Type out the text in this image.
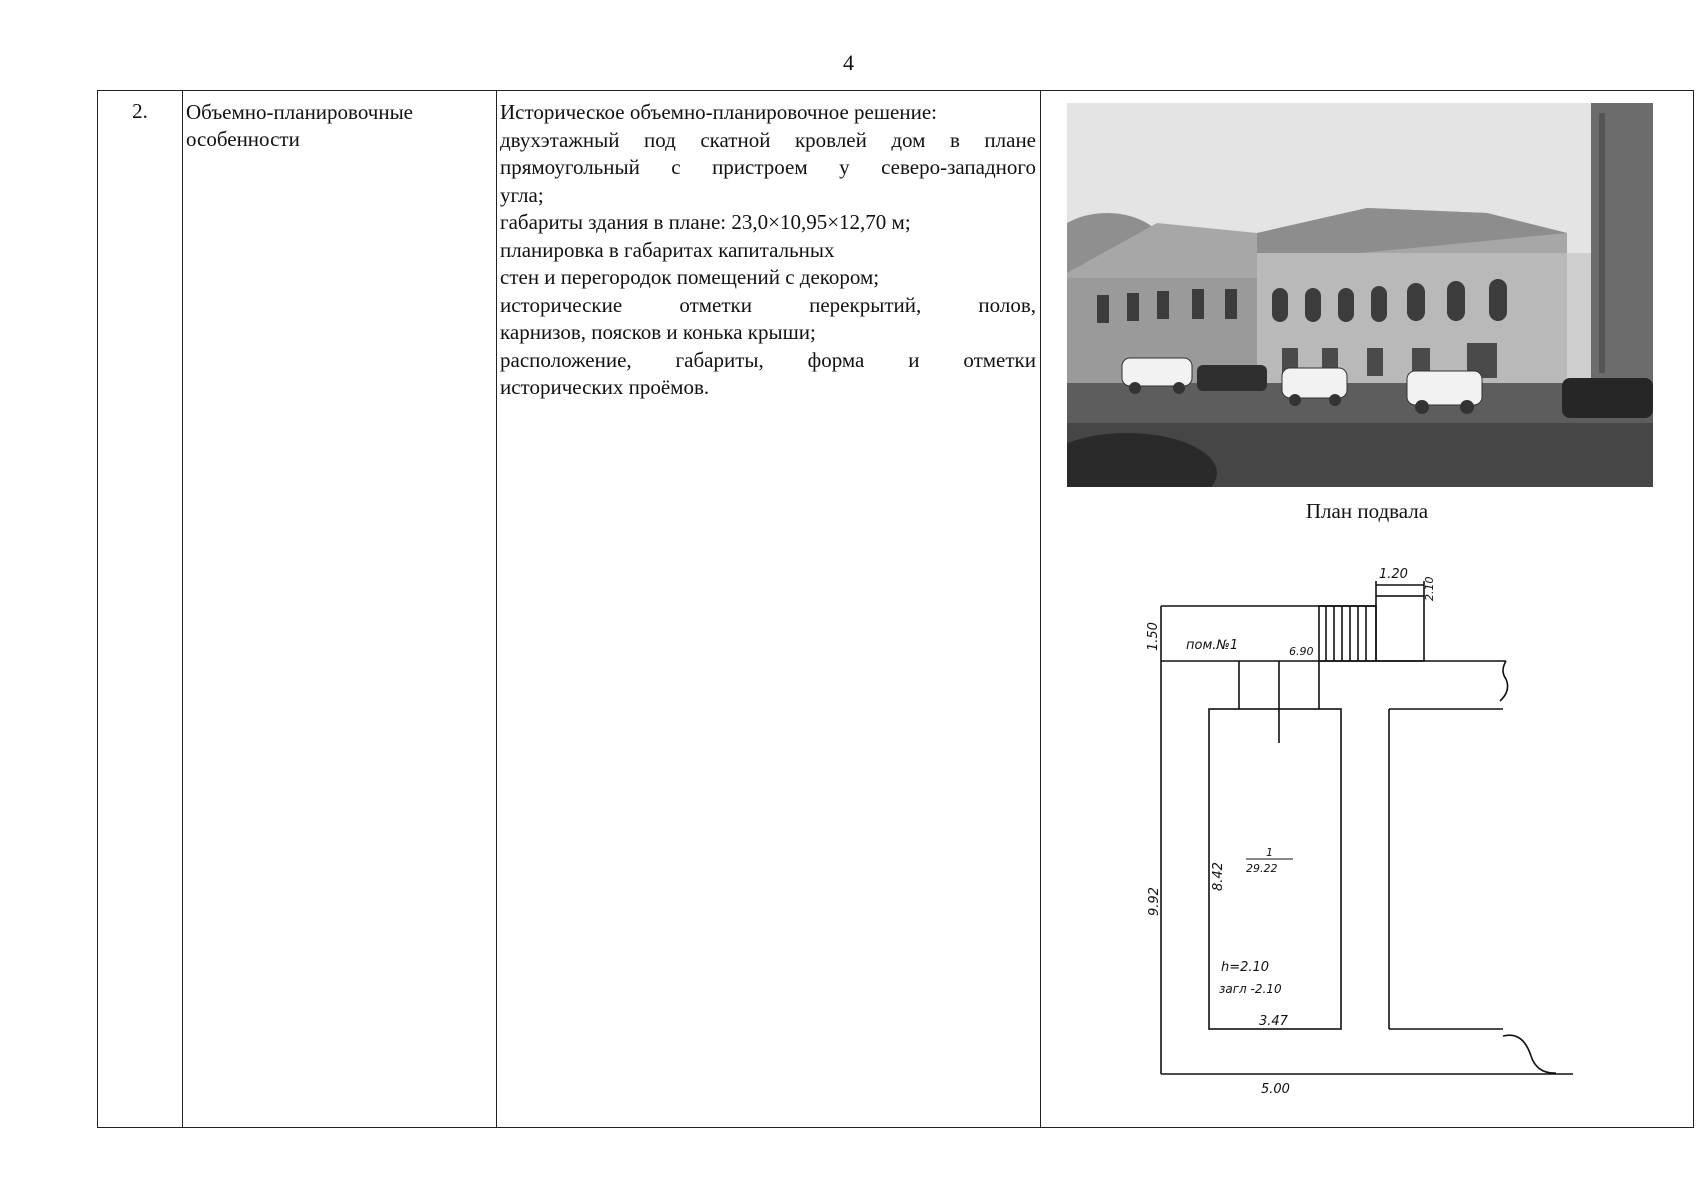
4
2.	Объемно-планировочные
особенности

Историческое объемно-планировочное решение:
двухэтажный под скатной кровлей дом в плане
прямоугольный с пристроем у северо-западного
угла;
габариты здания в плане: 23,0×10,95×12,70 м;
планировка в габаритах капитальных
стен и перегородок помещений с декором;
исторические отметки перекрытий, полов,
карнизов, поясков и конька крыши;
расположение, габариты, форма и отметки
исторических проёмов.

План подвала
пом.№1
1.20
6.90
2.10
1.50
9.92
8.42
1
29.22
h=2.10
загл -2.10
3.47
5.00
